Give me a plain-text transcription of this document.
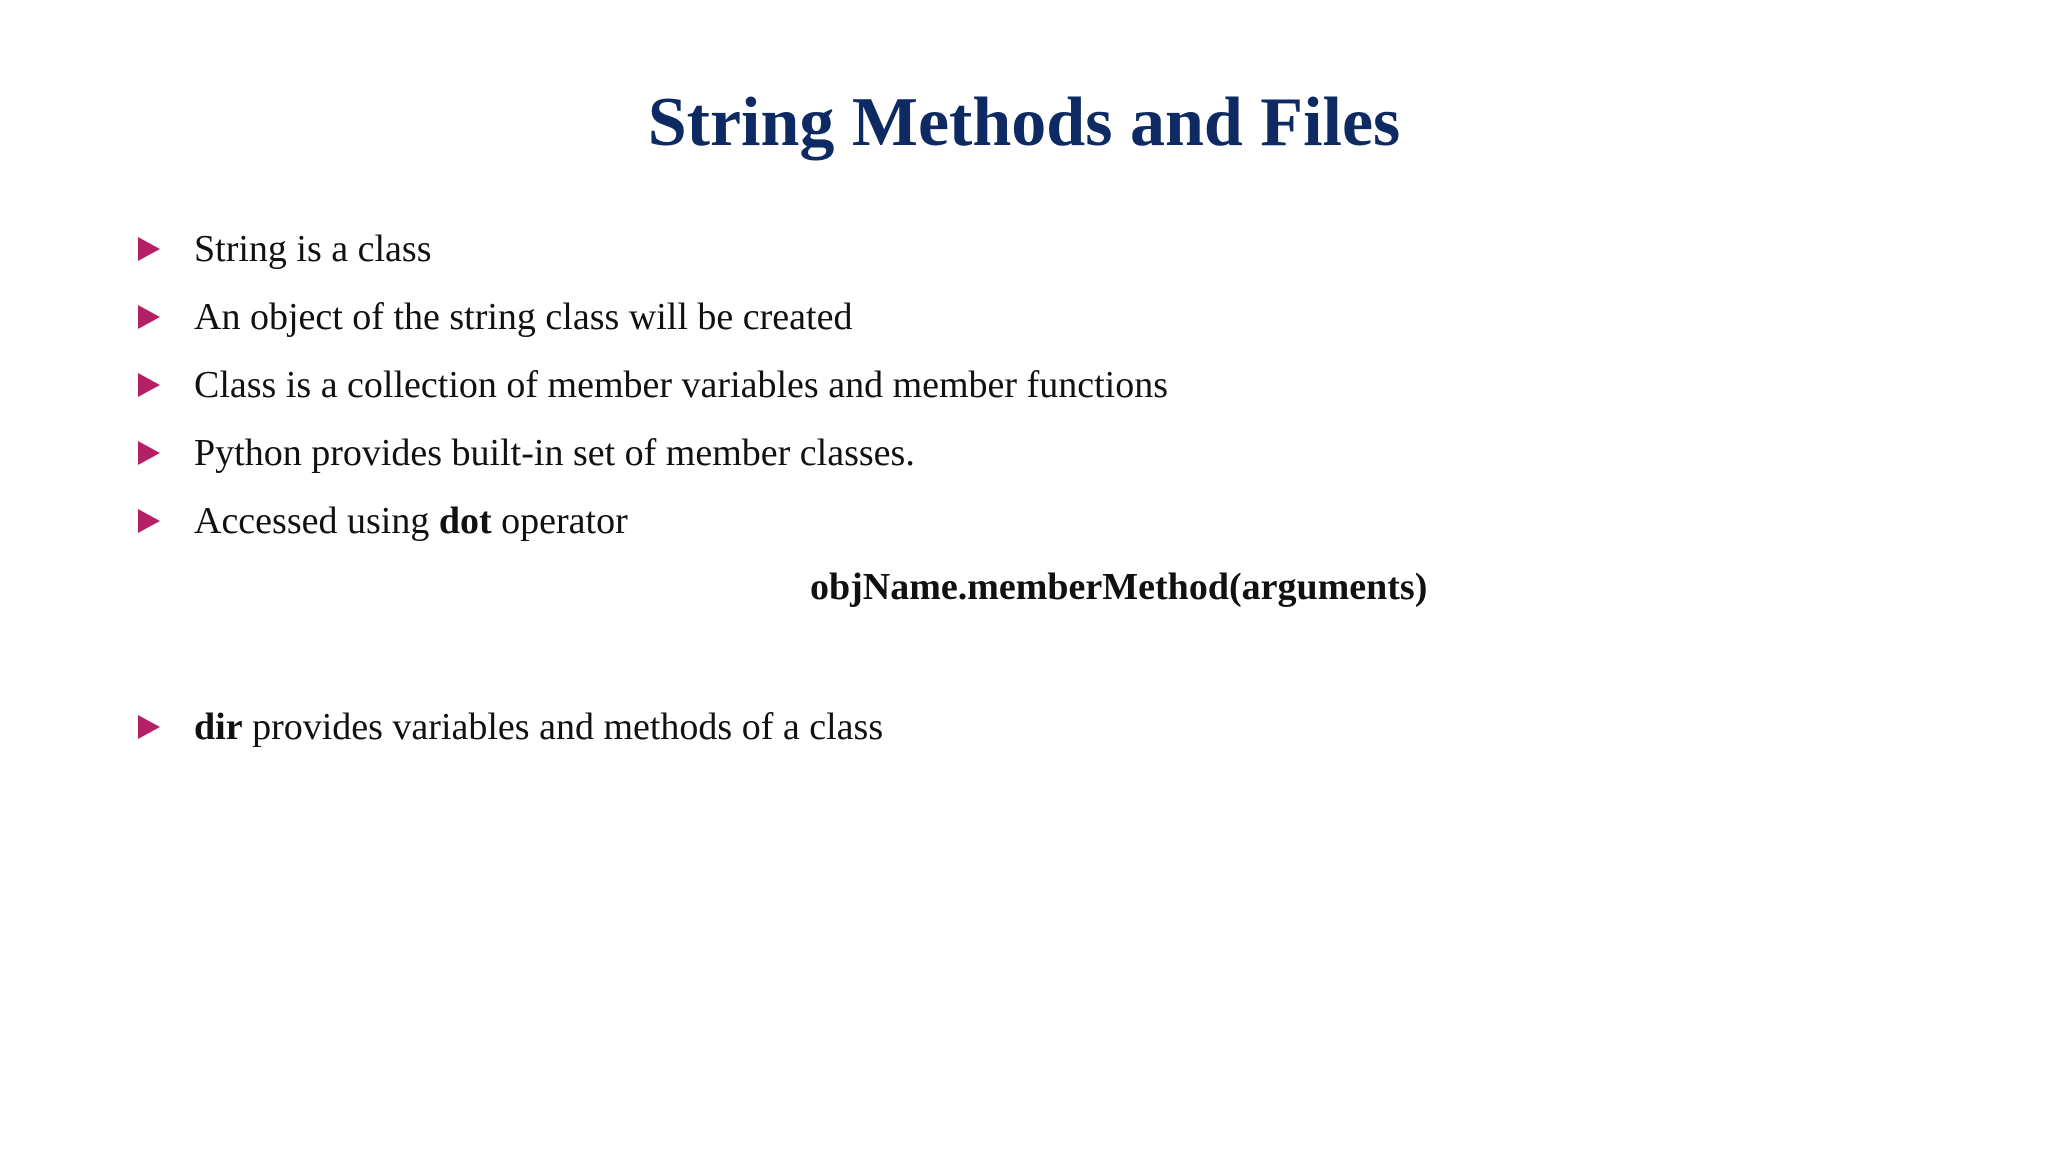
String Methods and Files
String is a class
An object of the string class will be created
Class is a collection of member variables and member functions
Python provides built-in set of member classes.
Accessed using dot operator
objName.memberMethod(arguments)
dir provides variables and methods of a class
